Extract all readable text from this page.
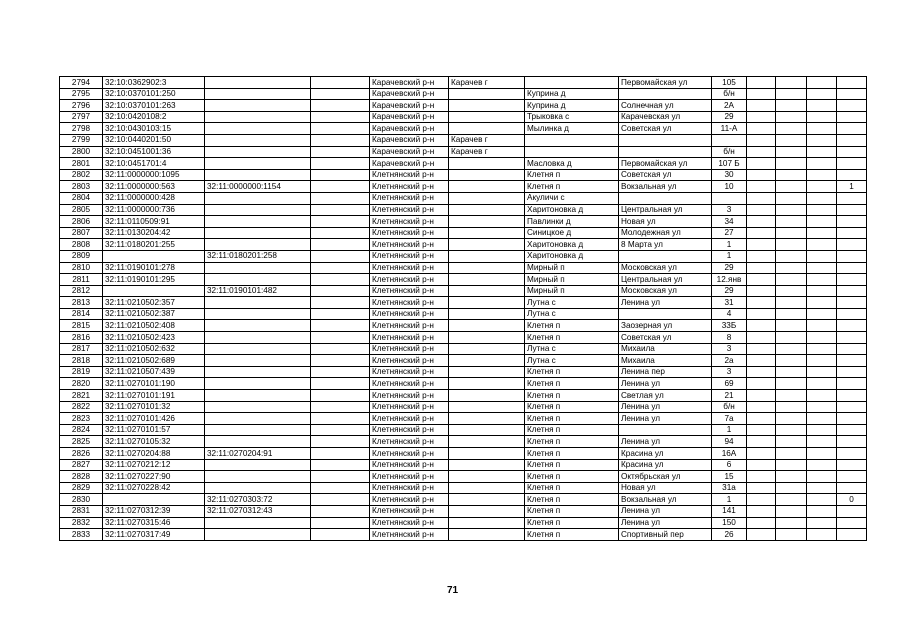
2794	32:10:0362902:3			Карачевский р-н	Карачев г		Первомайская ул	105				
2795	32:10:0370101:250			Карачевский р-н		Куприна д		б/н				
2796	32:10:0370101:263			Карачевский р-н		Куприна д	Солнечная ул	2А				
2797	32:10:0420108:2			Карачевский р-н		Трыковка с	Карачевская ул	29				
2798	32:10:0430103:15			Карачевский р-н		Мылинка д	Советская ул	11-А				
2799	32:10:0440201:50			Карачевский р-н	Карачев г							
2800	32:10:0451001:36			Карачевский р-н	Карачев г			б/н				
2801	32:10:0451701:4			Карачевский р-н		Масловка д	Первомайская ул	107 Б				
2802	32:11:0000000:1095			Клетнянский р-н		Клетня п	Советская ул	30				
2803	32:11:0000000:563	32:11:0000000:1154		Клетнянский р-н		Клетня п	Вокзальная ул	10				1
2804	32:11:0000000:428			Клетнянский р-н		Акуличи с						
2805	32:11:0000000:736			Клетнянский р-н		Харитоновка д	Центральная ул	3				
2806	32:11:0110509:91			Клетнянский р-н		Павлинки д	Новая ул	34				
2807	32:11:0130204:42			Клетнянский р-н		Синицкое д	Молодежная ул	27				
2808	32:11:0180201:255			Клетнянский р-н		Харитоновка д	8 Марта ул	1				
2809		32:11:0180201:258		Клетнянский р-н		Харитоновка д		1				
2810	32:11:0190101:278			Клетнянский р-н		Мирный п	Московская ул	29				
2811	32:11:0190101:295			Клетнянский р-н		Мирный п	Центральная ул	12.янв				
2812		32:11:0190101:482		Клетнянский р-н		Мирный п	Московская ул	29				
2813	32:11:0210502:357			Клетнянский р-н		Лутна с	Ленина ул	31				
2814	32:11:0210502:387			Клетнянский р-н		Лутна с		4				
2815	32:11:0210502:408			Клетнянский р-н		Клетня п	Заозерная ул	33Б				
2816	32:11:0210502:423			Клетнянский р-н		Клетня п	Советская ул	8				
2817	32:11:0210502:632			Клетнянский р-н		Лутна с	Михаила	3				
2818	32:11:0210502:689			Клетнянский р-н		Лутна с	Михаила	2а				
2819	32:11:0210507:439			Клетнянский р-н		Клетня п	Ленина пер	3				
2820	32:11:0270101:190			Клетнянский р-н		Клетня п	Ленина ул	69				
2821	32:11:0270101:191			Клетнянский р-н		Клетня п	Светлая ул	21				
2822	32:11:0270101:32			Клетнянский р-н		Клетня п	Ленина ул	б/н				
2823	32:11:0270101:426			Клетнянский р-н		Клетня п	Ленина ул	7а				
2824	32:11:0270101:57			Клетнянский р-н		Клетня п		1				
2825	32:11:0270105:32			Клетнянский р-н		Клетня п	Ленина ул	94				
2826	32:11:0270204:88	32:11:0270204:91		Клетнянский р-н		Клетня п	Красина ул	16А				
2827	32:11:0270212:12			Клетнянский р-н		Клетня п	Красина ул	6				
2828	32:11:0270227:90			Клетнянский р-н		Клетня п	Октябрьская ул	15				
2829	32:11:0270228:42			Клетнянский р-н		Клетня п	Новая ул	31а				
2830		32:11:0270303:72		Клетнянский р-н		Клетня п	Вокзальная ул	1				0
2831	32:11:0270312:39	32:11:0270312:43		Клетнянский р-н		Клетня п	Ленина ул	141				
2832	32:11:0270315:46			Клетнянский р-н		Клетня п	Ленина ул	150				
2833	32:11:0270317:49			Клетнянский р-н		Клетня п	Спортивный пер	26				
71
